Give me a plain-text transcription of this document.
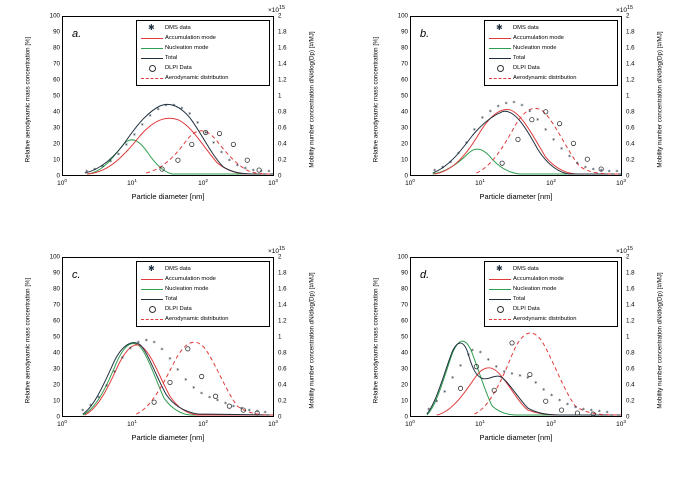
Relative aerodynamic mass concentration [%]	Mobility number concentration dN/dlog(Dp) [#/MJ]
$\times 10^{15}$
* * *
*
*
*
*
*
*
*
* * *
*
*
*
*
*
*
* * * * *
a.
0
10
20
30
40
50
60
70
80
90
100
0
0.2
0.4
0.6
0.8
1
1.2
1.4
1.6
1.8
2
$10^0$	$10^1$	$10^2$	$10^3$
Particle diameter [nm]
✱ DMS data
Accumulation mode
Nucleation mode
Total
DLPI Data
Aerodynamic distribution	Relative aerodynamic mass concentration [%]	Mobility number concentration dN/dlog(Dp) [#/MJ]
$\times 10^{15}$
* *
*
*
*
*
*
*
* * * *
*
*
*
*
*
*
*
* * * * *
b.
0
10
20
30
40
50
60
70
80
90
100
0
0.2
0.4
0.6
0.8
1
1.2
1.4
1.6
1.8
2
$10^0$	$10^1$	$10^2$	$10^3$
Particle diameter [nm]
✱ DMS data
Accumulation mode
Nucleation mode
Total
DLPI Data
Aerodynamic distribution
Relative aerodynamic mass concentration [%]	Mobility number concentration dN/dlog(Dp) [#/MJ]
$\times 10^{15}$
*
*
*
*
*
*
*
* * *
*
*
*
*
*
*
* * * * * * * *
c.
0
10
20
30
40
50
60
70
80
90
100
0
0.2
0.4
0.6
0.8
1
1.2
1.4
1.6
1.8
2
$10^0$	$10^1$	$10^2$	$10^3$
Particle diameter [nm]
✱ DMS data
Accumulation mode
Nucleation mode
Total
DLPI Data
Aerodynamic distribution	Relative aerodynamic mass concentration [%]	Mobility number concentration dN/dlog(Dp) [#/MJ]
$\times 10^{15}$
*
*
*
*
*
*
* *
*
*
* * * *
*
*
*
*
* * * * * *
d.
0
10
20
30
40
50
60
70
80
90
100
0
0.2
0.4
0.6
0.8
1
1.2
1.4
1.6
1.8
2
$10^0$	$10^1$	$10^2$	$10^3$
Particle diameter [nm]
✱ DMS data
Accumulation mode
Nucleation mode
Total
DLPI Data
Aerodynamic distribution
